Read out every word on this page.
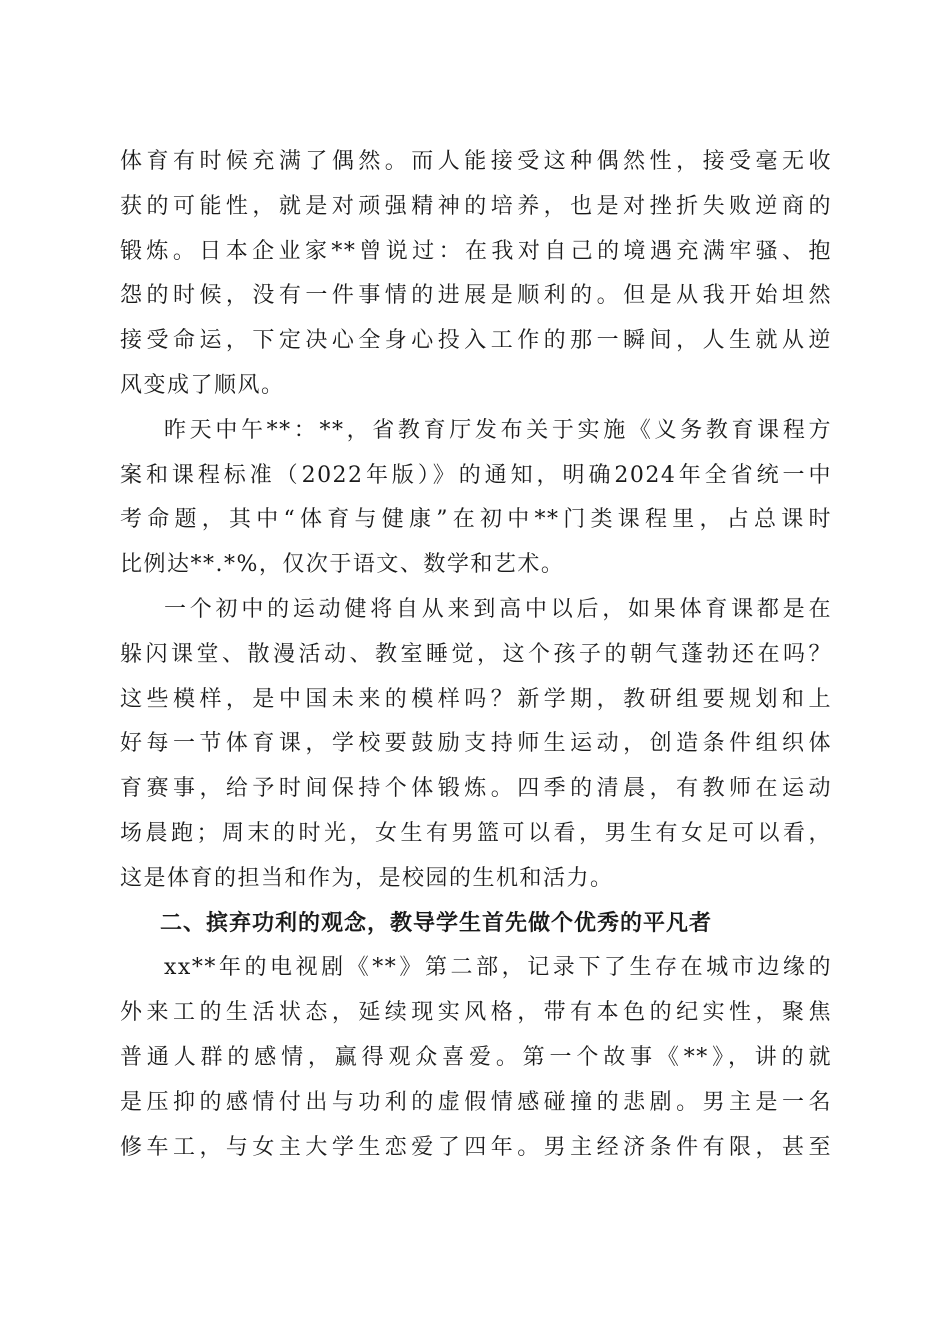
体育有时候充满了偶然。而人能接受这种偶然性，接受毫无收
获的可能性，就是对顽强精神的培养，也是对挫折失败逆商的
锻炼。日本企业家**曾说过：在我对自己的境遇充满牢骚、抱
怨的时候，没有一件事情的进展是顺利的。但是从我开始坦然
接受命运，下定决心全身心投入工作的那一瞬间，人生就从逆
风变成了顺风。

昨天中午**：**，省教育厅发布关于实施《义务教育课程方
案和课程标准（2022年版）》的通知，明确2024年全省统一中
考命题，其中“体育与健康”在初中**门类课程里，占总课时
比例达**.*%，仅次于语文、数学和艺术。

一个初中的运动健将自从来到高中以后，如果体育课都是在
躲闪课堂、散漫活动、教室睡觉，这个孩子的朝气蓬勃还在吗？
这些模样，是中国未来的模样吗？新学期，教研组要规划和上
好每一节体育课，学校要鼓励支持师生运动，创造条件组织体
育赛事，给予时间保持个体锻炼。四季的清晨，有教师在运动
场晨跑；周末的时光，女生有男篮可以看，男生有女足可以看，
这是体育的担当和作为，是校园的生机和活力。

二、摈弃功利的观念，教导学生首先做个优秀的平凡者

xx**年的电视剧《**》第二部，记录下了生存在城市边缘的
外来工的生活状态，延续现实风格，带有本色的纪实性，聚焦
普通人群的感情，赢得观众喜爱。第一个故事《**》，讲的就
是压抑的感情付出与功利的虚假情感碰撞的悲剧。男主是一名
修车工，与女主大学生恋爱了四年。男主经济条件有限，甚至
